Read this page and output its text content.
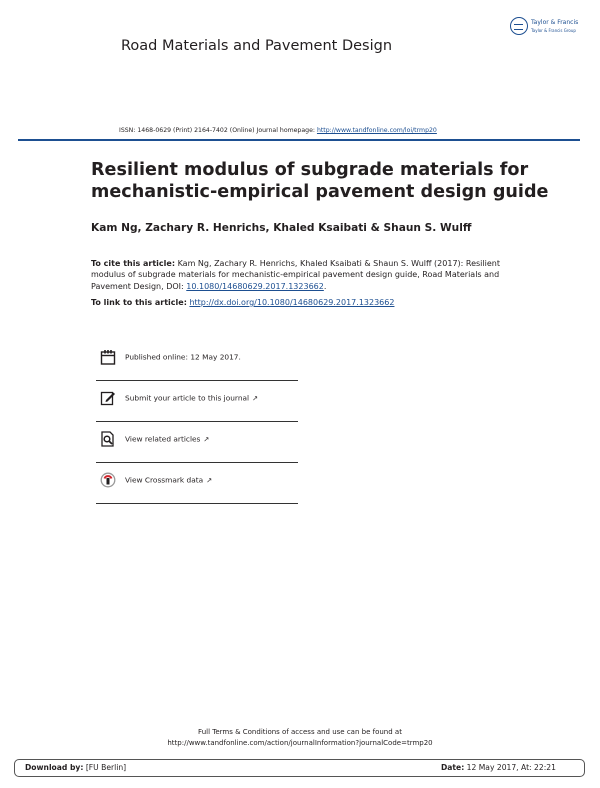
Taylor & Francis
Taylor & Francis Group
Road Materials and Pavement Design
ISSN: 1468-0629 (Print) 2164-7402 (Online) Journal homepage: http://www.tandfonline.com/loi/trmp20
Resilient modulus of subgrade materials for mechanistic-empirical pavement design guide
Kam Ng, Zachary R. Henrichs, Khaled Ksaibati & Shaun S. Wulff
To cite this article: Kam Ng, Zachary R. Henrichs, Khaled Ksaibati & Shaun S. Wulff (2017): Resilient modulus of subgrade materials for mechanistic-empirical pavement design guide, Road Materials and Pavement Design, DOI: 10.1080/14680629.2017.1323662.
To link to this article: http://dx.doi.org/10.1080/14680629.2017.1323662
Published online: 12 May 2017.
Submit your article to this journal ↗
View related articles ↗
View Crossmark data ↗
Full Terms & Conditions of access and use can be found at
http://www.tandfonline.com/action/journalInformation?journalCode=trmp20
Download by: [FU Berlin]	Date: 12 May 2017, At: 22:21
